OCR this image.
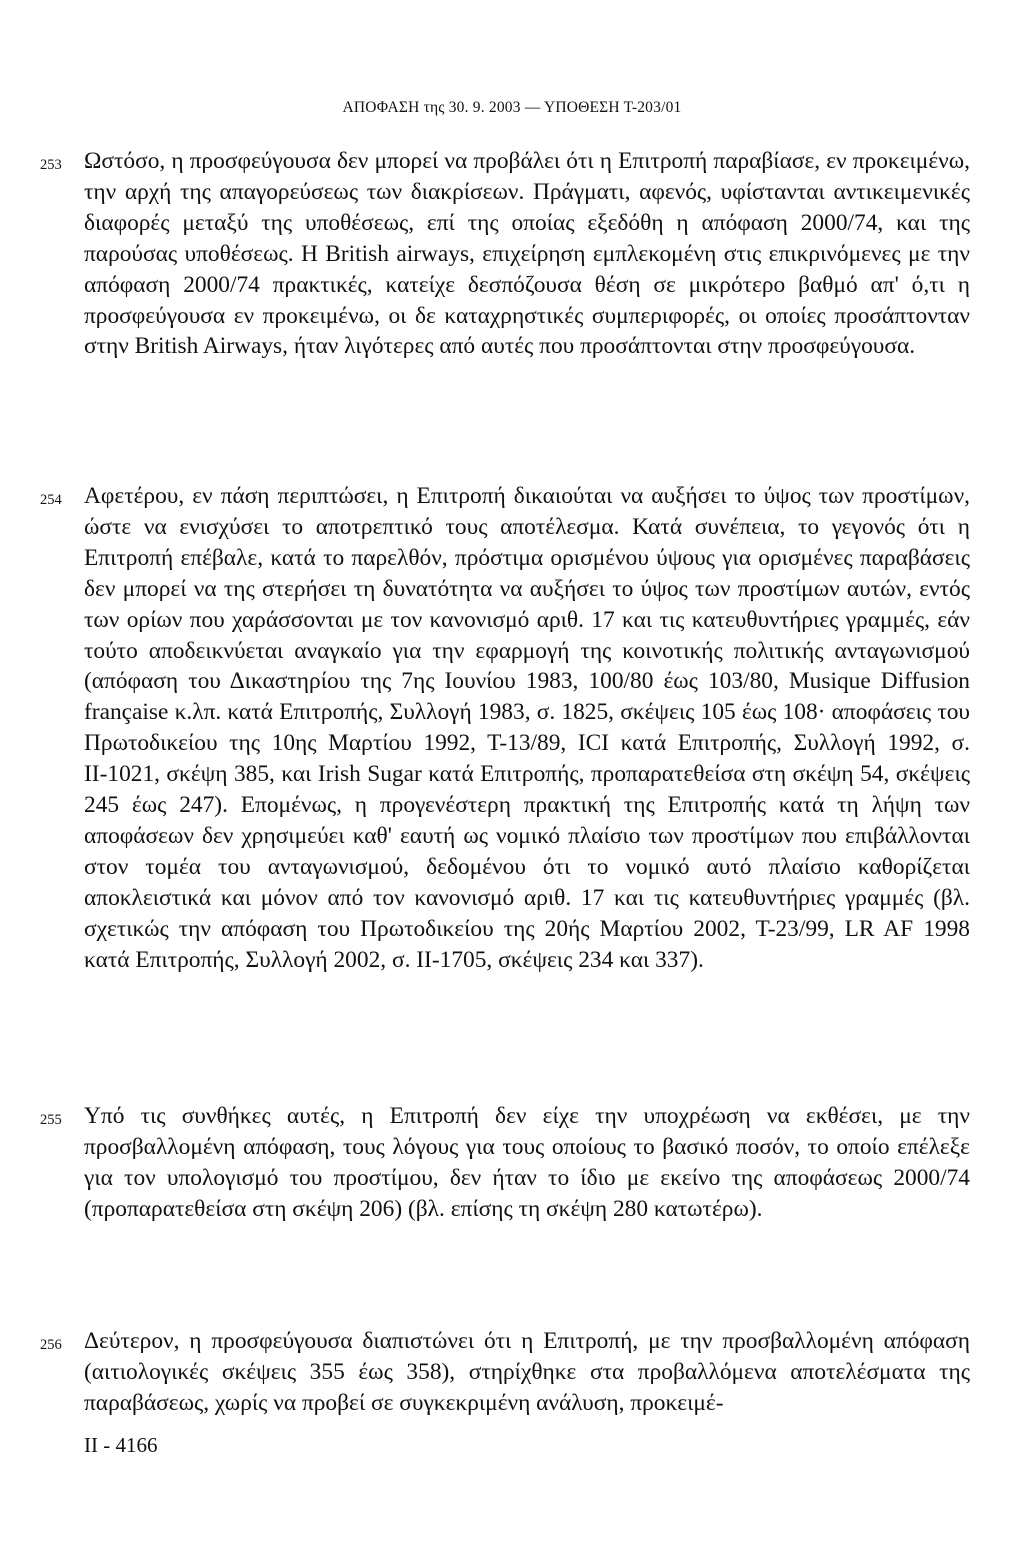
ΑΠΟΦΑΣΗ της 30. 9. 2003 — ΥΠΟΘΕΣΗ Τ-203/01
253 Ωστόσο, η προσφεύγουσα δεν μπορεί να προβάλει ότι η Επιτροπή παραβίασε, εν προκειμένω, την αρχή της απαγορεύσεως των διακρίσεων. Πράγματι, αφενός, υφίστανται αντικειμενικές διαφορές μεταξύ της υποθέσεως, επί της οποίας εξεδόθη η απόφαση 2000/74, και της παρούσας υποθέσεως. Η British airways, επιχείρηση εμπλεκομένη στις επικρινόμενες με την απόφαση 2000/74 πρακτικές, κατείχε δεσπόζουσα θέση σε μικρότερο βαθμό απ' ό,τι η προσφεύγουσα εν προκειμένω, οι δε καταχρηστικές συμπεριφορές, οι οποίες προσάπτονταν στην British Airways, ήταν λιγότερες από αυτές που προσάπτονται στην προσφεύγουσα.
254 Αφετέρου, εν πάση περιπτώσει, η Επιτροπή δικαιούται να αυξήσει το ύψος των προστίμων, ώστε να ενισχύσει το αποτρεπτικό τους αποτέλεσμα. Κατά συνέπεια, το γεγονός ότι η Επιτροπή επέβαλε, κατά το παρελθόν, πρόστιμα ορισμένου ύψους για ορισμένες παραβάσεις δεν μπορεί να της στερήσει τη δυνατότητα να αυξήσει το ύψος των προστίμων αυτών, εντός των ορίων που χαράσσονται με τον κανονισμό αριθ. 17 και τις κατευθυντήριες γραμμές, εάν τούτο αποδεικνύεται αναγκαίο για την εφαρμογή της κοινοτικής πολιτικής ανταγωνισμού (απόφαση του Δικαστηρίου της 7ης Ιουνίου 1983, 100/80 έως 103/80, Musique Diffusion française κ.λπ. κατά Επιτροπής, Συλλογή 1983, σ. 1825, σκέψεις 105 έως 108· αποφάσεις του Πρωτοδικείου της 10ης Μαρτίου 1992, Τ-13/89, ICI κατά Επιτροπής, Συλλογή 1992, σ. ΙΙ-1021, σκέψη 385, και Irish Sugar κατά Επιτροπής, προπαρατεθείσα στη σκέψη 54, σκέψεις 245 έως 247). Επομένως, η προγενέστερη πρακτική της Επιτροπής κατά τη λήψη των αποφάσεων δεν χρησιμεύει καθ' εαυτή ως νομικό πλαίσιο των προστίμων που επιβάλλονται στον τομέα του ανταγωνισμού, δεδομένου ότι το νομικό αυτό πλαίσιο καθορίζεται αποκλειστικά και μόνον από τον κανονισμό αριθ. 17 και τις κατευθυντήριες γραμμές (βλ. σχετικώς την απόφαση του Πρωτοδικείου της 20ής Μαρτίου 2002, Τ-23/99, LR AF 1998 κατά Επιτροπής, Συλλογή 2002, σ. ΙΙ-1705, σκέψεις 234 και 337).
255 Υπό τις συνθήκες αυτές, η Επιτροπή δεν είχε την υποχρέωση να εκθέσει, με την προσβαλλομένη απόφαση, τους λόγους για τους οποίους το βασικό ποσόν, το οποίο επέλεξε για τον υπολογισμό του προστίμου, δεν ήταν το ίδιο με εκείνο της αποφάσεως 2000/74 (προπαρατεθείσα στη σκέψη 206) (βλ. επίσης τη σκέψη 280 κατωτέρω).
256 Δεύτερον, η προσφεύγουσα διαπιστώνει ότι η Επιτροπή, με την προσβαλλομένη απόφαση (αιτιολογικές σκέψεις 355 έως 358), στηρίχθηκε στα προβαλλόμενα αποτελέσματα της παραβάσεως, χωρίς να προβεί σε συγκεκριμένη ανάλυση, προκειμέ-
II - 4166
